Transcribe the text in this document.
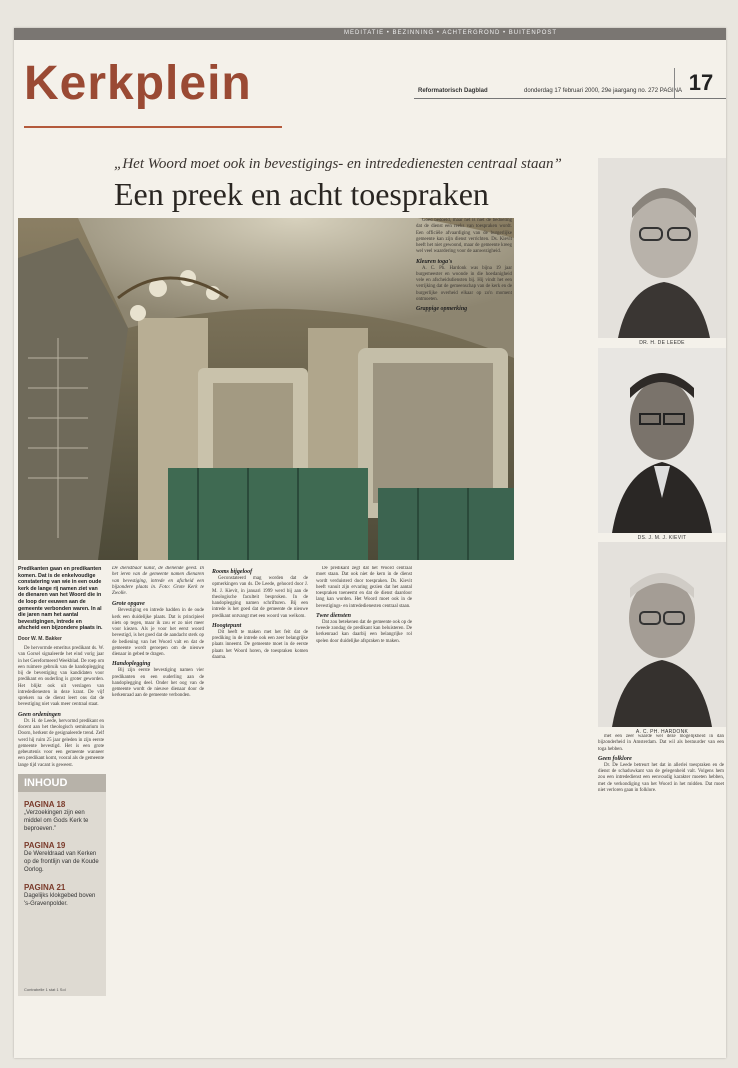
MEDITATIE • BEZINNING • ACHTERGROND • BUITENPOST
Kerkplein	Reformatorisch Dagblad	donderdag 17 februari 2000, 29e jaargang no. 272 PAGINA 17
„Het Woord moet ook in bevestigings- en intrededienesten centraal staan”
Een preek en acht toespraken
DR. H. DE LEEDE
DS. J. M. J. KIEVIT
A. C. PH. HARDONK
Predikanten gaan en predikanten komen. Dat is de enkelvoudige constatering van wie in een oude kerk de lange rij namen ziet van de dienaren van het Woord die in de loop der eeuwen aan de gemeente verbonden waren. In al die jaren nam het aantal bevestigingen, intrede en afscheid een bijzondere plaats in.
Door W. M. Bakker

De hervormde emeritus predikant ds. W. van Gorsel signaleerde het eind vorig jaar in het Gereformeerd Weekblad. De roep om een ruimere gebruik van de handoplegging bij de bevestiging van kandidaten voor predikant en ouderling is groter geworden. Het blijkt ook uit verslagen van intrededienesten in deze krant. De vijf sprekers na de dienst leert ons dat de bevestiging niet vaak meer centraal staat.

Geen ordeningen

Dr. H. de Leede, hervormd predikant en docent aan het theologisch seminarium in Doorn, herkent de gesignaleerde trend. Zelf werd hij ruim 25 jaar geleden in zijn eerste gemeente bevestigd. Het is een grote gebeurtenis voor een gemeente wanneer een predikant komt, vooral als de gemeente lange tijd vacant is geweest.

INHOUD
PAGINA 18
„Verzoekingen zijn een middel om Gods Kerk te beproeven.”
PAGINA 19
De Wereldraad van Kerken op de frontlijn van de Koude Oorlog.
PAGINA 21
Dagelijks klokgebed boven 's-Gravenpolder.
Contrabelle 1 stat 1 Sol
De dienstbaar kunst, de dienende geest. In het ieren van de gemeente namen dienaren van bevestiging, intrede en afscheid een bijzondere plaats in. Foto: Grote Kerk te Zwolle.
Grote opgave

Bevestiging en intrede hadden in de oude kerk een duidelijke plaats. Dat is principieel niets op tegen, maar ik zou er zo niet meer voor kiezen. Als je voor het eerst woord bevestigd, is het goed dat de aandacht sterk op de bediening van het Woord valt en dat de gemeente wordt geroepen om de nieuwe dienaar in gebed te dragen.

Handoplegging

Bij zijn eerste bevestiging namen vier predikanten en een ouderling aan de handoplegging deel. Onder het oog van de gemeente wordt de nieuwe dienaar door de kerkenraad aan de gemeente verbonden.

Rooms bijgeloof

Geconstateerd mag worden dat de opmerkingen van ds. De Leede, gehoord door J. M. J. Kievit, in januari 1999 werd bij aan de theologische faculteit besproken. In de handoplegging namen schrifturen. Bij een intrede is het goed dat de gemeente de nieuwe predikant ontvangt met een woord van welkom.

Hoogtepunt

Dit heeft te maken met het feit dat de prediking in de intrede ook een zeer belangrijke plaats inneemt. De gemeente moet in de eerste plaats het Woord horen, de toespraken komen daarna.

De predikant zegt dat het Woord centraal moet staan. Dat ook niet de kern in de dienst wordt verduisterd door toespraken. Ds. Kievit heeft vanuit zijn ervaring gezien dat het aantal toespraken toeneemt en dat de dienst daardoor lang kan worden. Het Woord moet ook in de bevestigings- en intrededienesten centraal staan.

Twee diensten

Dat zou betekenen dat de gemeente ook op de tweede zondag de predikant kan beluisteren. De kerkenraad kan daarbij een belangrijke rol spelen door duidelijke afspraken te maken.

Goed bedoeld, maar het is niet de bedoeling dat de dienst een reeks van toespraken wordt. Een officiële afvaardiging van de burgerlijke gemeente kan zijn dienst verrichten. Ds. Kievit heeft het niet gewoond, maar de gemeente kreeg wel veel waardering voor de aanwezigheid.

Kleuren toga's

A. C. Ph. Hardonk was bijna 19 jaar burgemeester en woonde in die hoedanigheid vele en afscheidsdiensten bij. Hij vindt het een verrijking dat de gemeenschap van de kerk en de burgerlijke overheid elkaar op zo'n moment ontmoeten.

Grappige opmerking

met een zeer waarde wel deze mogelijkheid in dan bijzonderheid in Amsterdam. Dat wil als bestuurder van een toga hebben.

Geen folklore

Dr. De Leede betreurt het dat in allerlei toespraken en de dienst de schaduwkant van de gelegenheid valt. Volgens hem zou een intrededienst een eenvoudig karakter moeten hebben, met de verkondiging van het Woord in het midden. Dat moet niet verloren gaan in folklore.
